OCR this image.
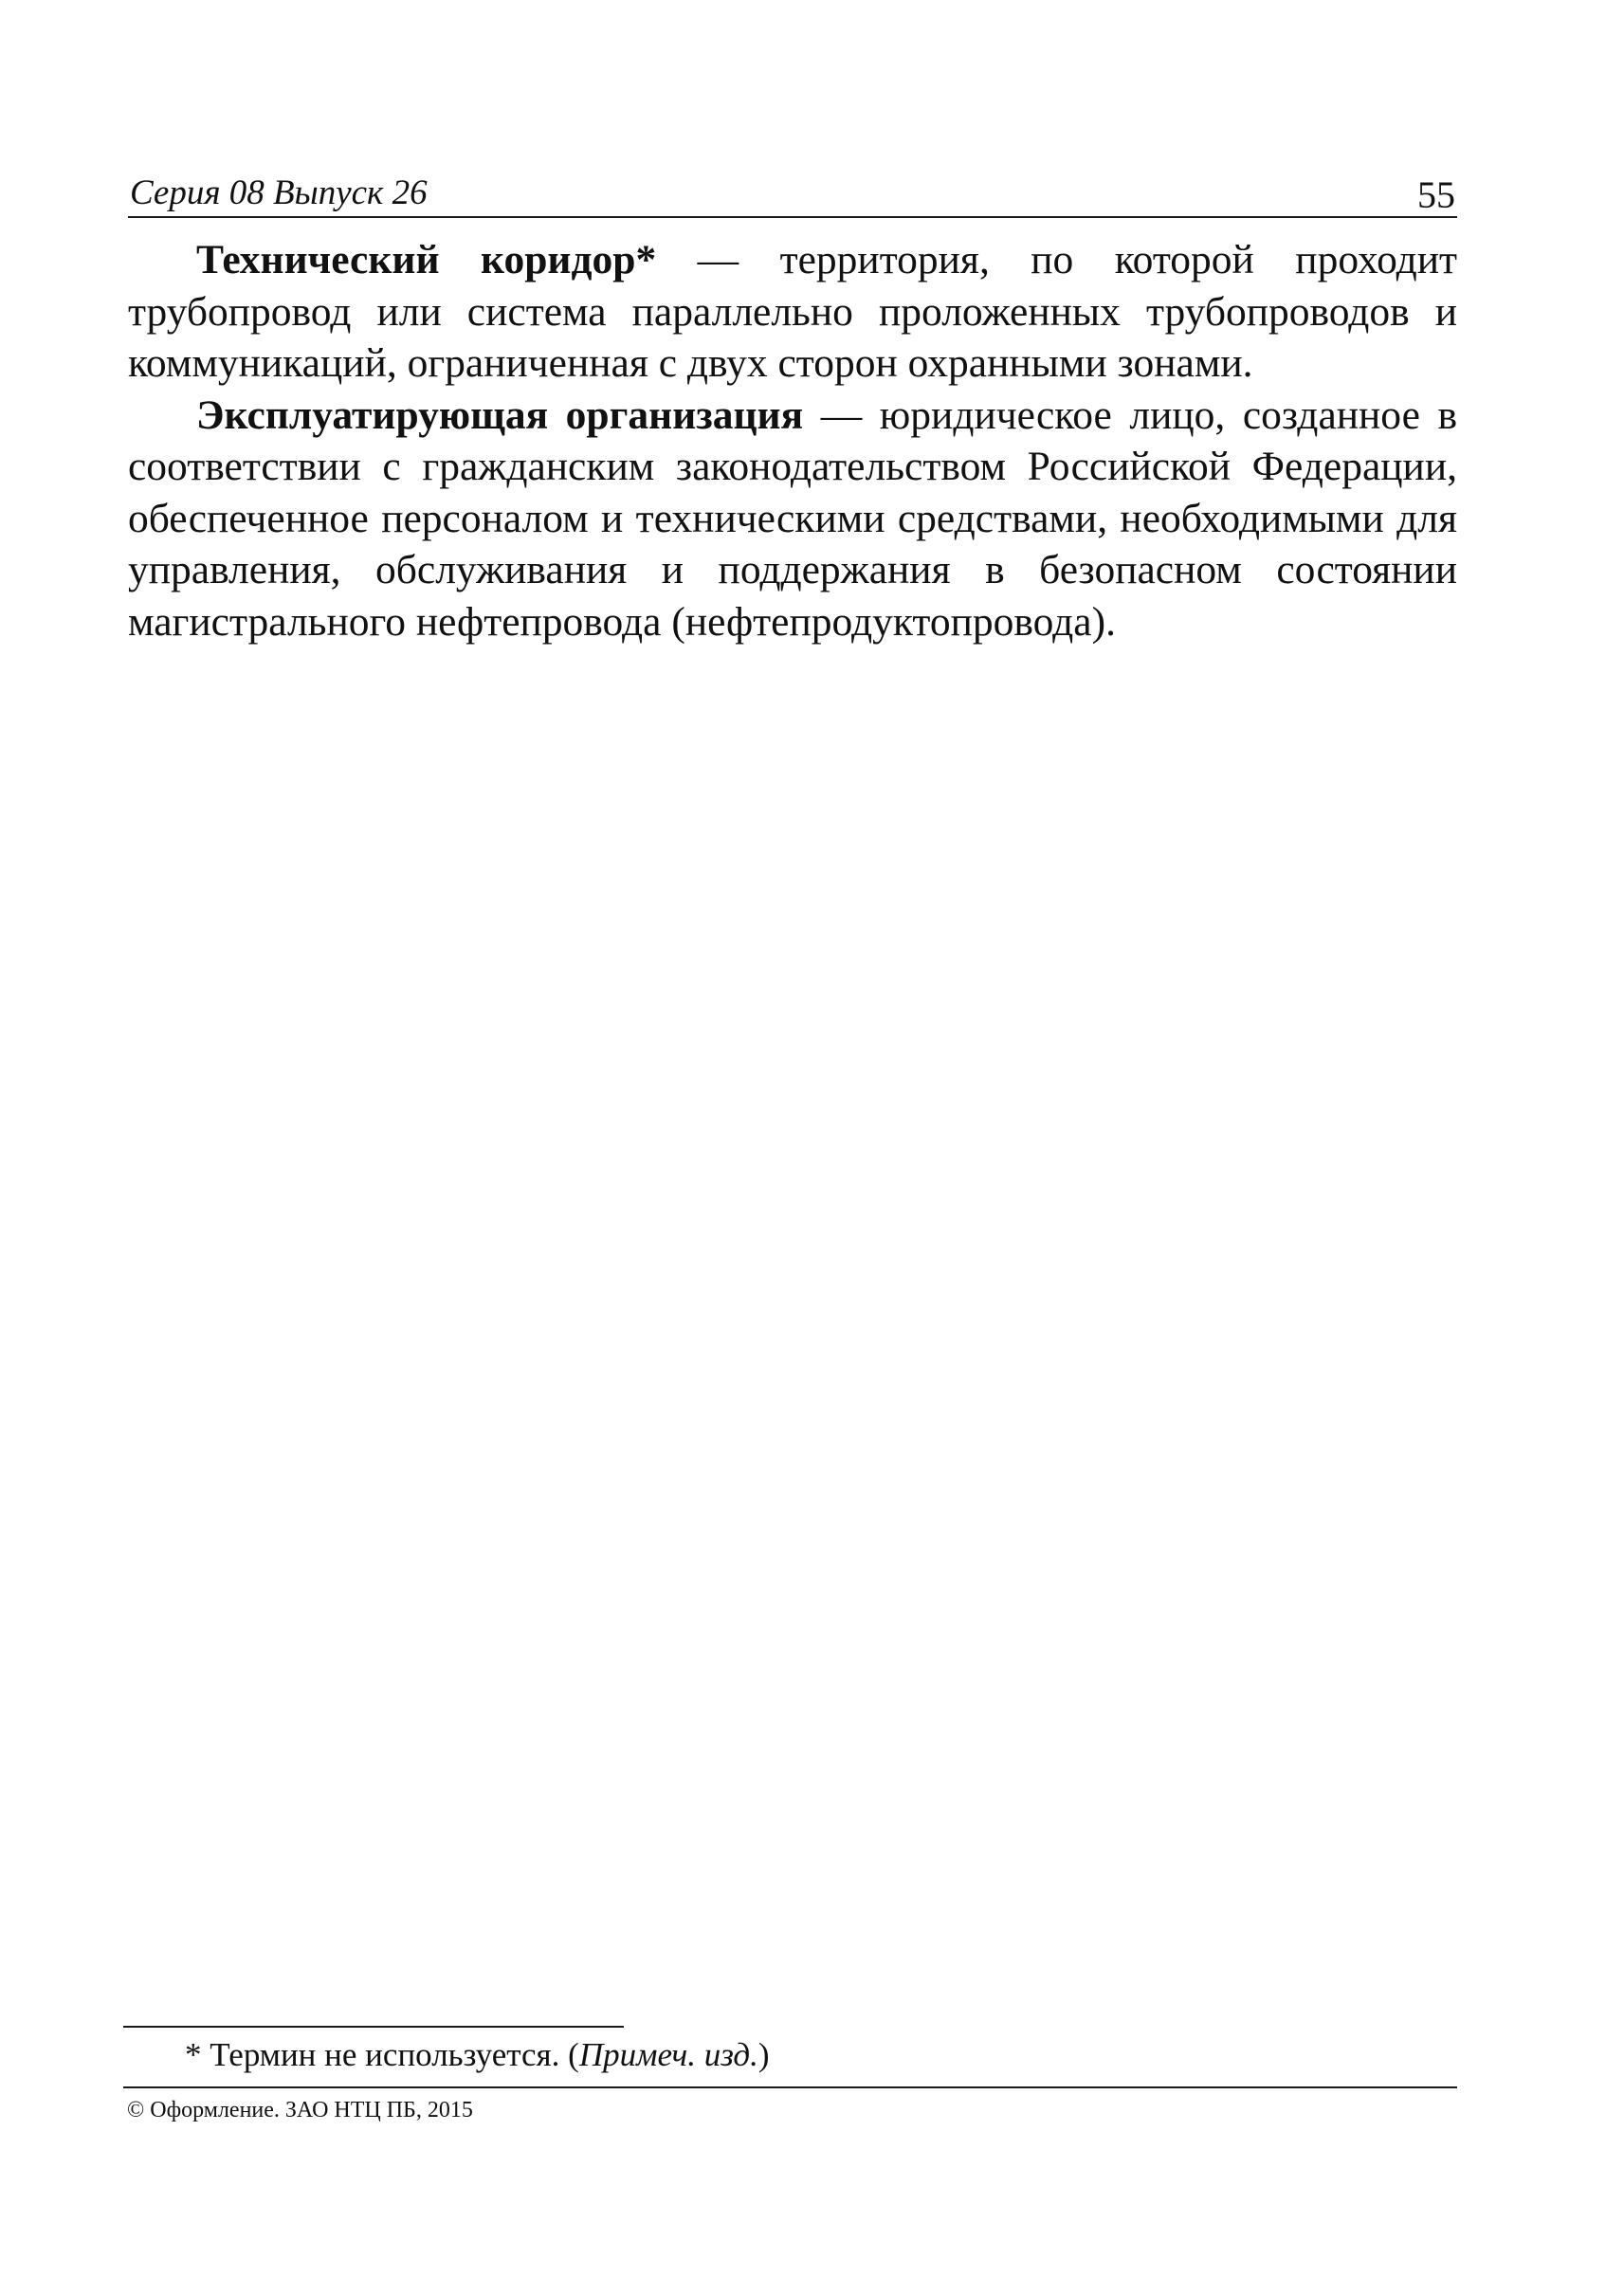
Серия 08 Выпуск 26	55

Технический коридор* — территория, по которой проходит трубопровод или система параллельно проложенных трубопроводов и коммуникаций, ограниченная с двух сторон охранными зонами.

Эксплуатирующая организация — юридическое лицо, созданное в соответствии с гражданским законодательством Российской Федерации, обеспеченное персоналом и техническими средствами, необходимыми для управления, обслуживания и поддержания в безопасном состоянии магистрального нефтепровода (нефтепродуктопровода).

* Термин не используется. (Примеч. изд.)
© Оформление. ЗАО НТЦ ПБ, 2015
